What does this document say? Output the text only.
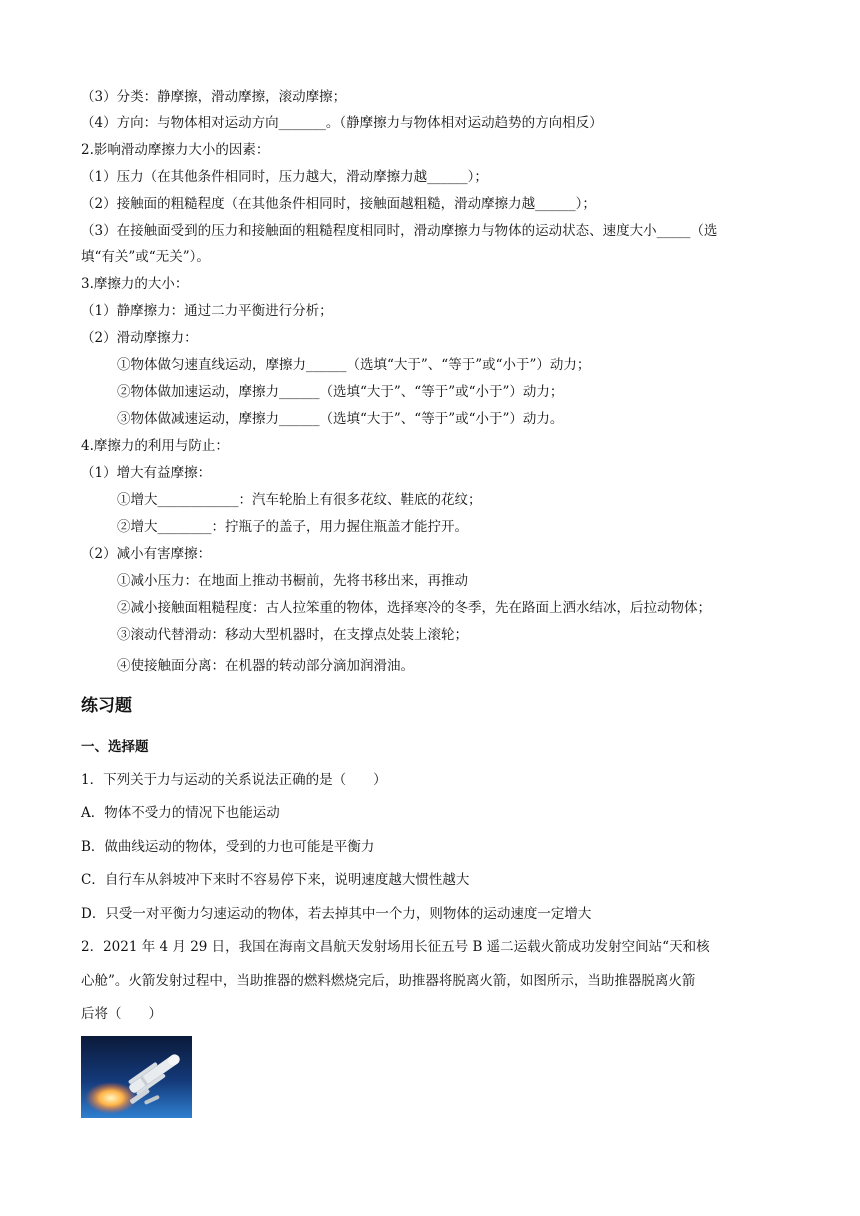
（3）分类：静摩擦，滑动摩擦，滚动摩擦；
（4）方向：与物体相对运动方向_______。（静摩擦力与物体相对运动趋势的方向相反）
2.影响滑动摩擦力大小的因素：
（1）压力（在其他条件相同时，压力越大，滑动摩擦力越______）；
（2）接触面的粗糙程度（在其他条件相同时，接触面越粗糙，滑动摩擦力越______）；
（3）在接触面受到的压力和接触面的粗糙程度相同时，滑动摩擦力与物体的运动状态、速度大小_____（选
填“有关”或“无关”）。
3.摩擦力的大小：
（1）静摩擦力：通过二力平衡进行分析；
（2）滑动摩擦力：
①物体做匀速直线运动，摩擦力______（选填“大于”、“等于”或“小于”）动力；
②物体做加速运动，摩擦力______（选填“大于”、“等于”或“小于”）动力；
③物体做减速运动，摩擦力______（选填“大于”、“等于”或“小于”）动力。
4.摩擦力的利用与防止：
（1）增大有益摩擦：
①增大____________：汽车轮胎上有很多花纹、鞋底的花纹；
②增大________：拧瓶子的盖子，用力握住瓶盖才能拧开。
（2）减小有害摩擦：
①减小压力：在地面上推动书橱前，先将书移出来，再推动
②减小接触面粗糙程度：古人拉笨重的物体，选择寒冷的冬季，先在路面上洒水结冰，后拉动物体；
③滚动代替滑动：移动大型机器时，在支撑点处装上滚轮；
④使接触面分离：在机器的转动部分滴加润滑油。
练习题
一、选择题
1．下列关于力与运动的关系说法正确的是（　　）
A．物体不受力的情况下也能运动
B．做曲线运动的物体，受到的力也可能是平衡力
C．自行车从斜坡冲下来时不容易停下来，说明速度越大惯性越大
D．只受一对平衡力匀速运动的物体，若去掉其中一个力，则物体的运动速度一定增大
2．2021 年 4 月 29 日，我国在海南文昌航天发射场用长征五号 B 遥二运载火箭成功发射空间站“天和核
心舱”。火箭发射过程中，当助推器的燃料燃烧完后，助推器将脱离火箭，如图所示，当助推器脱离火箭
后将（　　）
